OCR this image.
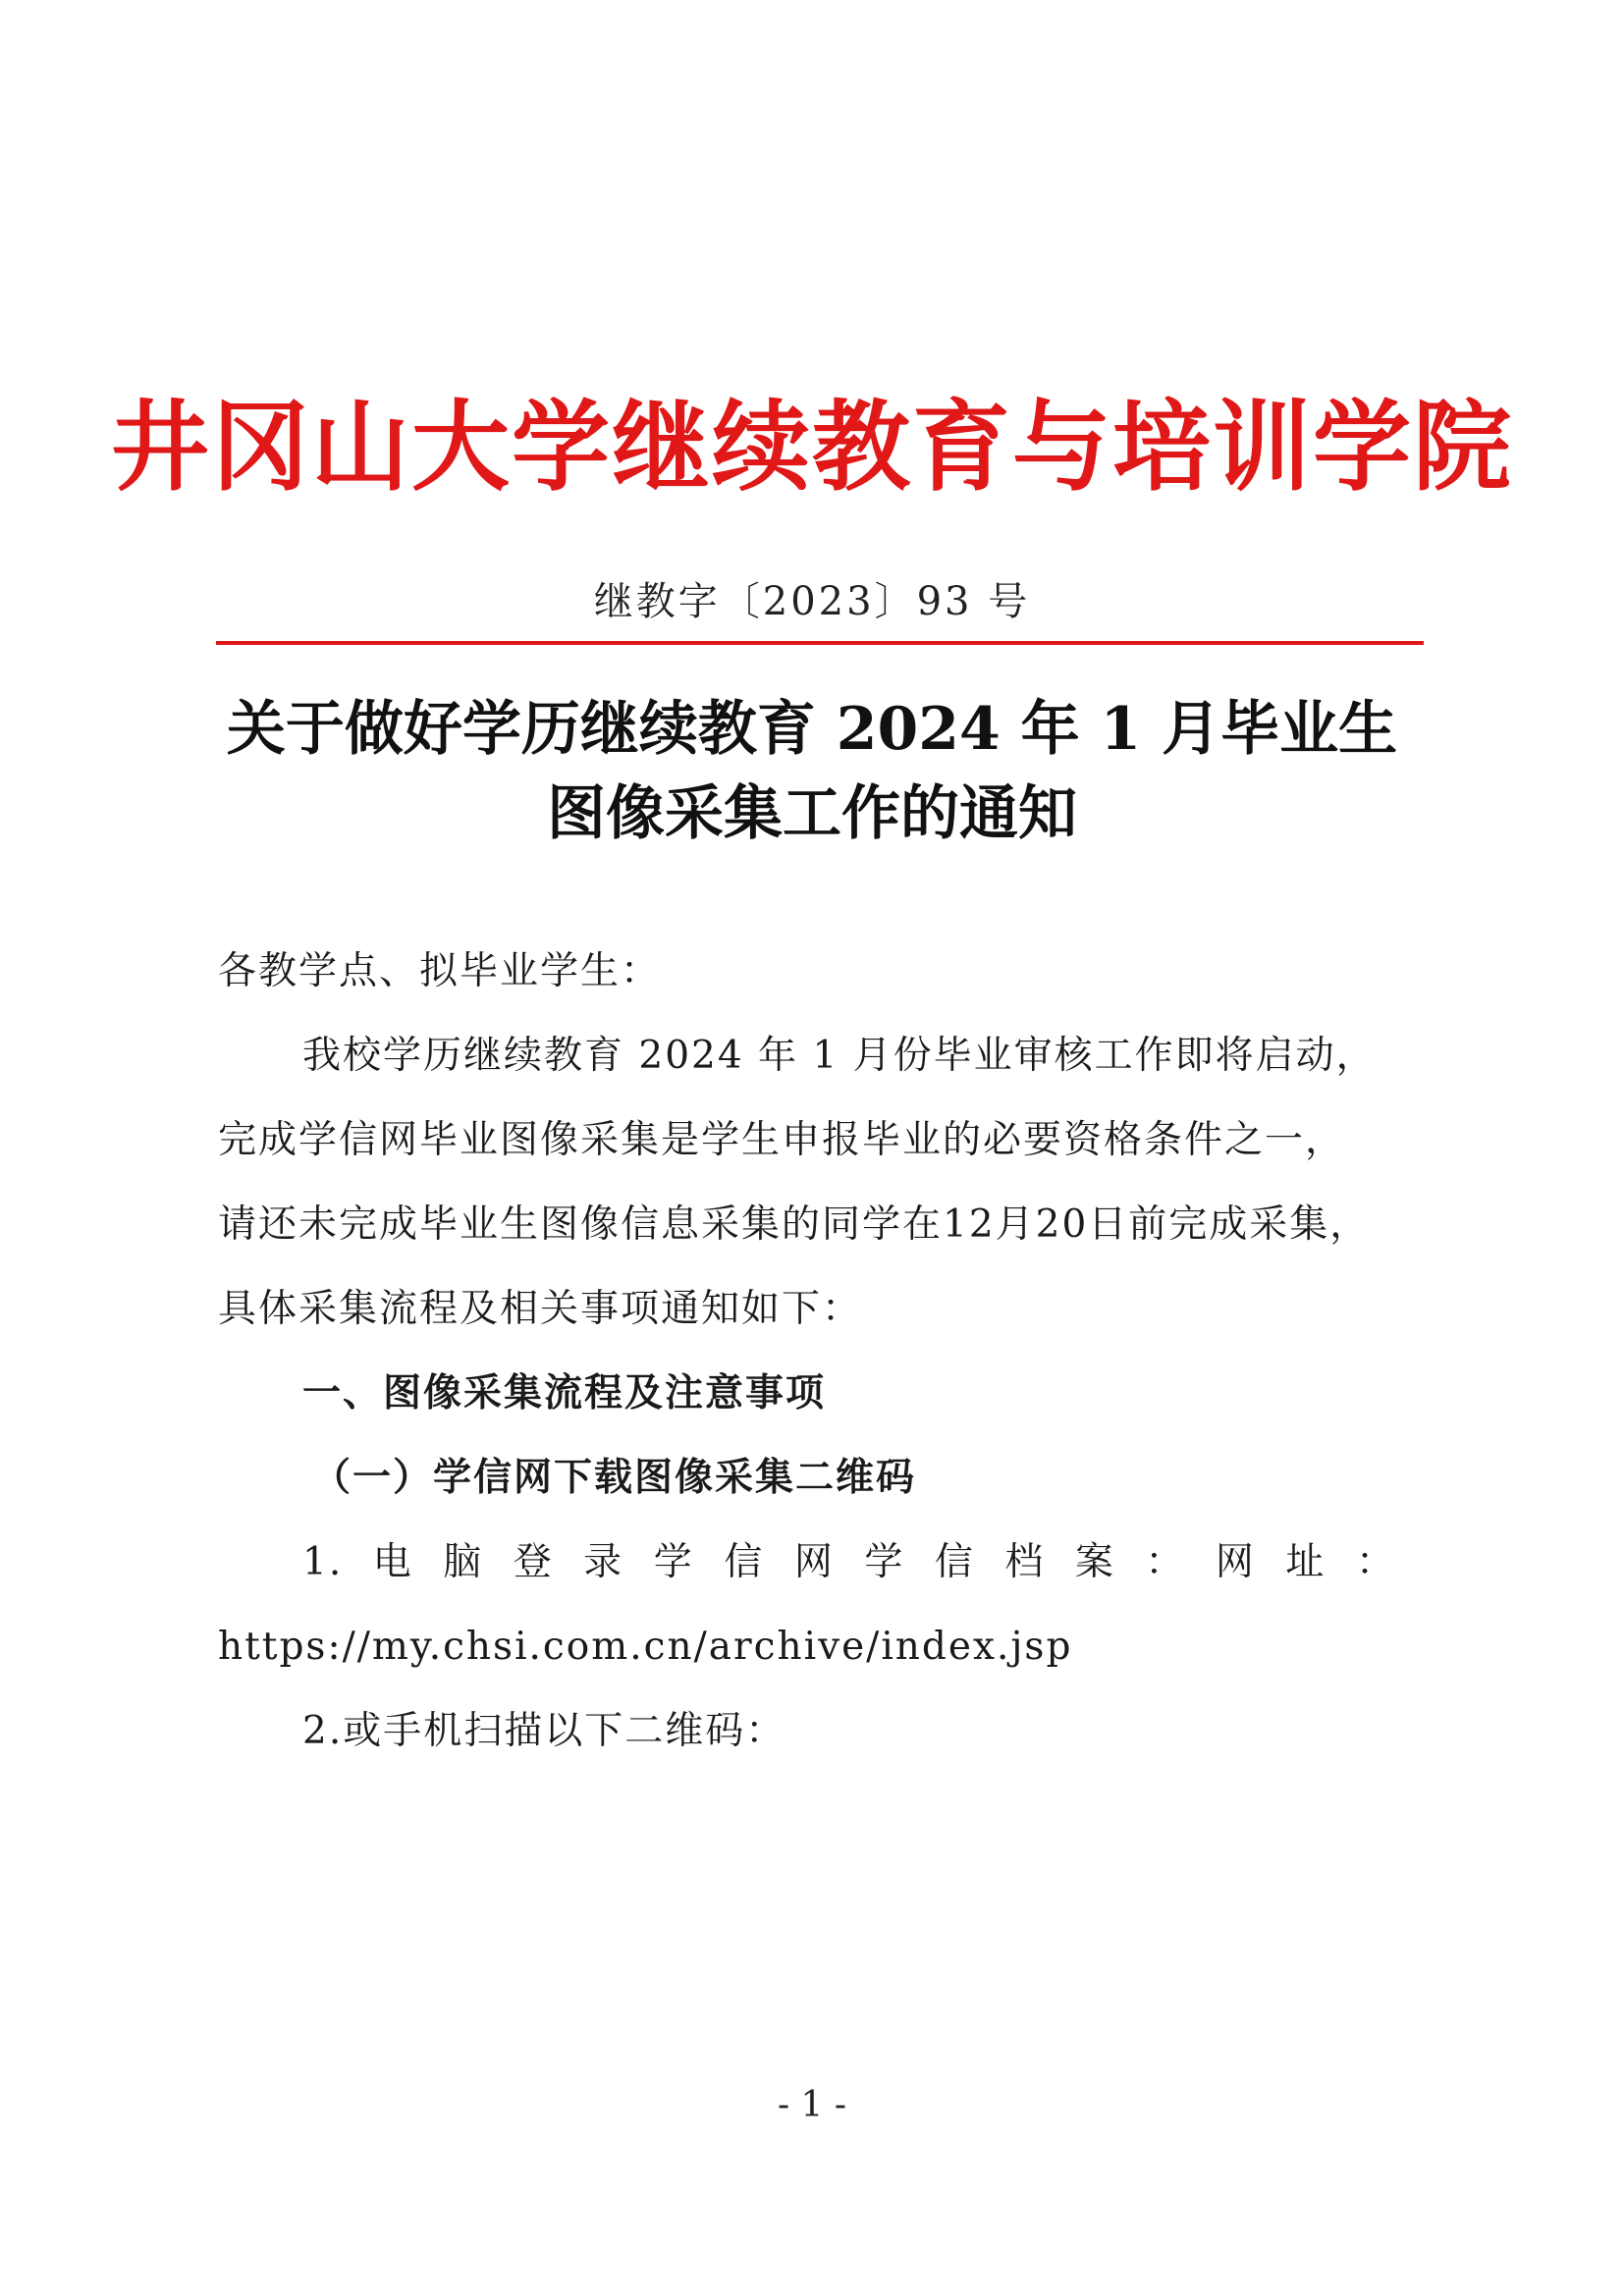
井冈山大学继续教育与培训学院
继教字〔2023〕93 号
关于做好学历继续教育 2024 年 1 月毕业生
图像采集工作的通知
各教学点、拟毕业学生：
我校学历继续教育 2024 年 1 月份毕业审核工作即将启动，
完成学信网毕业图像采集是学生申报毕业的必要资格条件之一，
请还未完成毕业生图像信息采集的同学在12月20日前完成采集，
具体采集流程及相关事项通知如下：
一、图像采集流程及注意事项
（一）学信网下载图像采集二维码
1. 电 脑 登 录 学 信 网 学 信 档 案 ： 网 址 ：
https://my.chsi.com.cn/archive/index.jsp
2.或手机扫描以下二维码：
- 1 -
